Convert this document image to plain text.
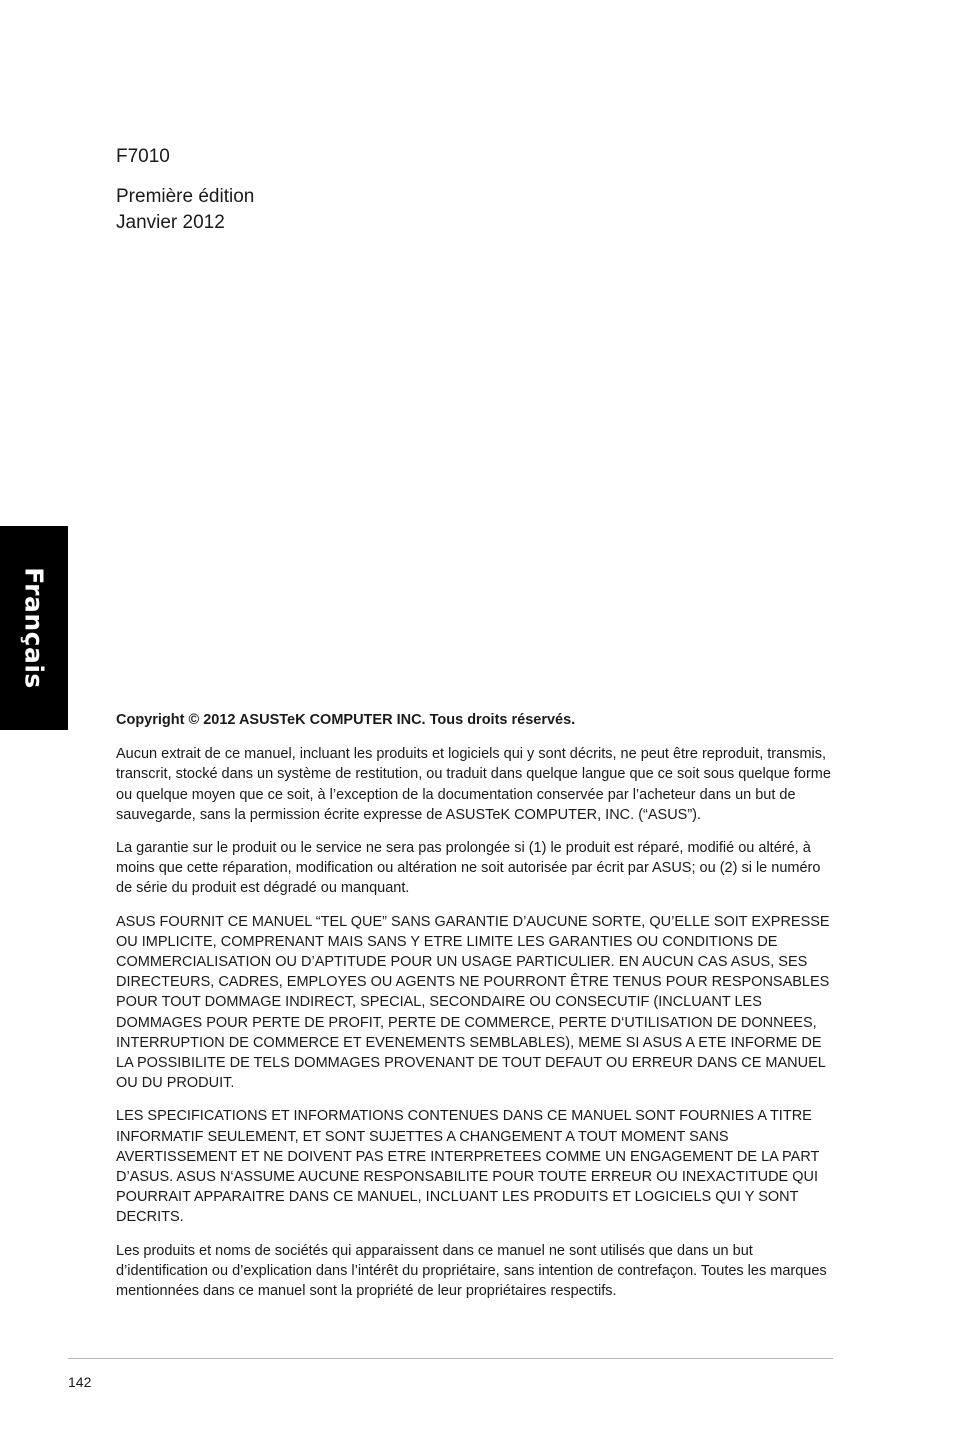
Français

F7010

Première édition

Janvier 2012

Copyright © 2012 ASUSTeK COMPUTER INC. Tous droits réservés.

Aucun extrait de ce manuel, incluant les produits et logiciels qui y sont décrits, ne peut être reproduit, transmis, transcrit, stocké dans un système de restitution, ou traduit dans quelque langue que ce soit sous quelque forme ou quelque moyen que ce soit, à l’exception de la documentation conservée par l’acheteur dans un but de sauvegarde, sans la permission écrite expresse de ASUSTeK COMPUTER, INC. (“ASUS”).

La garantie sur le produit ou le service ne sera pas prolongée si (1) le produit est réparé, modifié ou altéré, à moins que cette réparation, modification ou altération ne soit autorisée par écrit par ASUS; ou (2) si le numéro de série du produit est dégradé ou manquant.

ASUS FOURNIT CE MANUEL “TEL QUE” SANS GARANTIE D’AUCUNE SORTE, QU’ELLE SOIT EXPRESSE OU IMPLICITE, COMPRENANT MAIS SANS Y ETRE LIMITE LES GARANTIES OU CONDITIONS DE COMMERCIALISATION OU D’APTITUDE POUR UN USAGE PARTICULIER. EN AUCUN CAS ASUS, SES DIRECTEURS, CADRES, EMPLOYES OU AGENTS NE POURRONT ÊTRE TENUS POUR RESPONSABLES POUR TOUT DOMMAGE INDIRECT, SPECIAL, SECONDAIRE OU CONSECUTIF (INCLUANT LES DOMMAGES POUR PERTE DE PROFIT, PERTE DE COMMERCE, PERTE D‘UTILISATION DE DONNEES, INTERRUPTION DE COMMERCE ET EVENEMENTS SEMBLABLES), MEME SI ASUS A ETE INFORME DE LA POSSIBILITE DE TELS DOMMAGES PROVENANT DE TOUT DEFAUT OU ERREUR DANS CE MANUEL OU DU PRODUIT.

LES SPECIFICATIONS ET INFORMATIONS CONTENUES DANS CE MANUEL SONT FOURNIES A TITRE INFORMATIF SEULEMENT, ET SONT SUJETTES A CHANGEMENT A TOUT MOMENT SANS AVERTISSEMENT ET NE DOIVENT PAS ETRE INTERPRETEES COMME UN ENGAGEMENT DE LA PART D’ASUS. ASUS N‘ASSUME AUCUNE RESPONSABILITE POUR TOUTE ERREUR OU INEXACTITUDE QUI POURRAIT APPARAITRE DANS CE MANUEL, INCLUANT LES PRODUITS ET LOGICIELS QUI Y SONT DECRITS.

Les produits et noms de sociétés qui apparaissent dans ce manuel ne sont utilisés que dans un but d’identification ou d’explication dans l’intérêt du propriétaire, sans intention de contrefaçon. Toutes les marques mentionnées dans ce manuel sont la propriété de leur propriétaires respectifs.

142
